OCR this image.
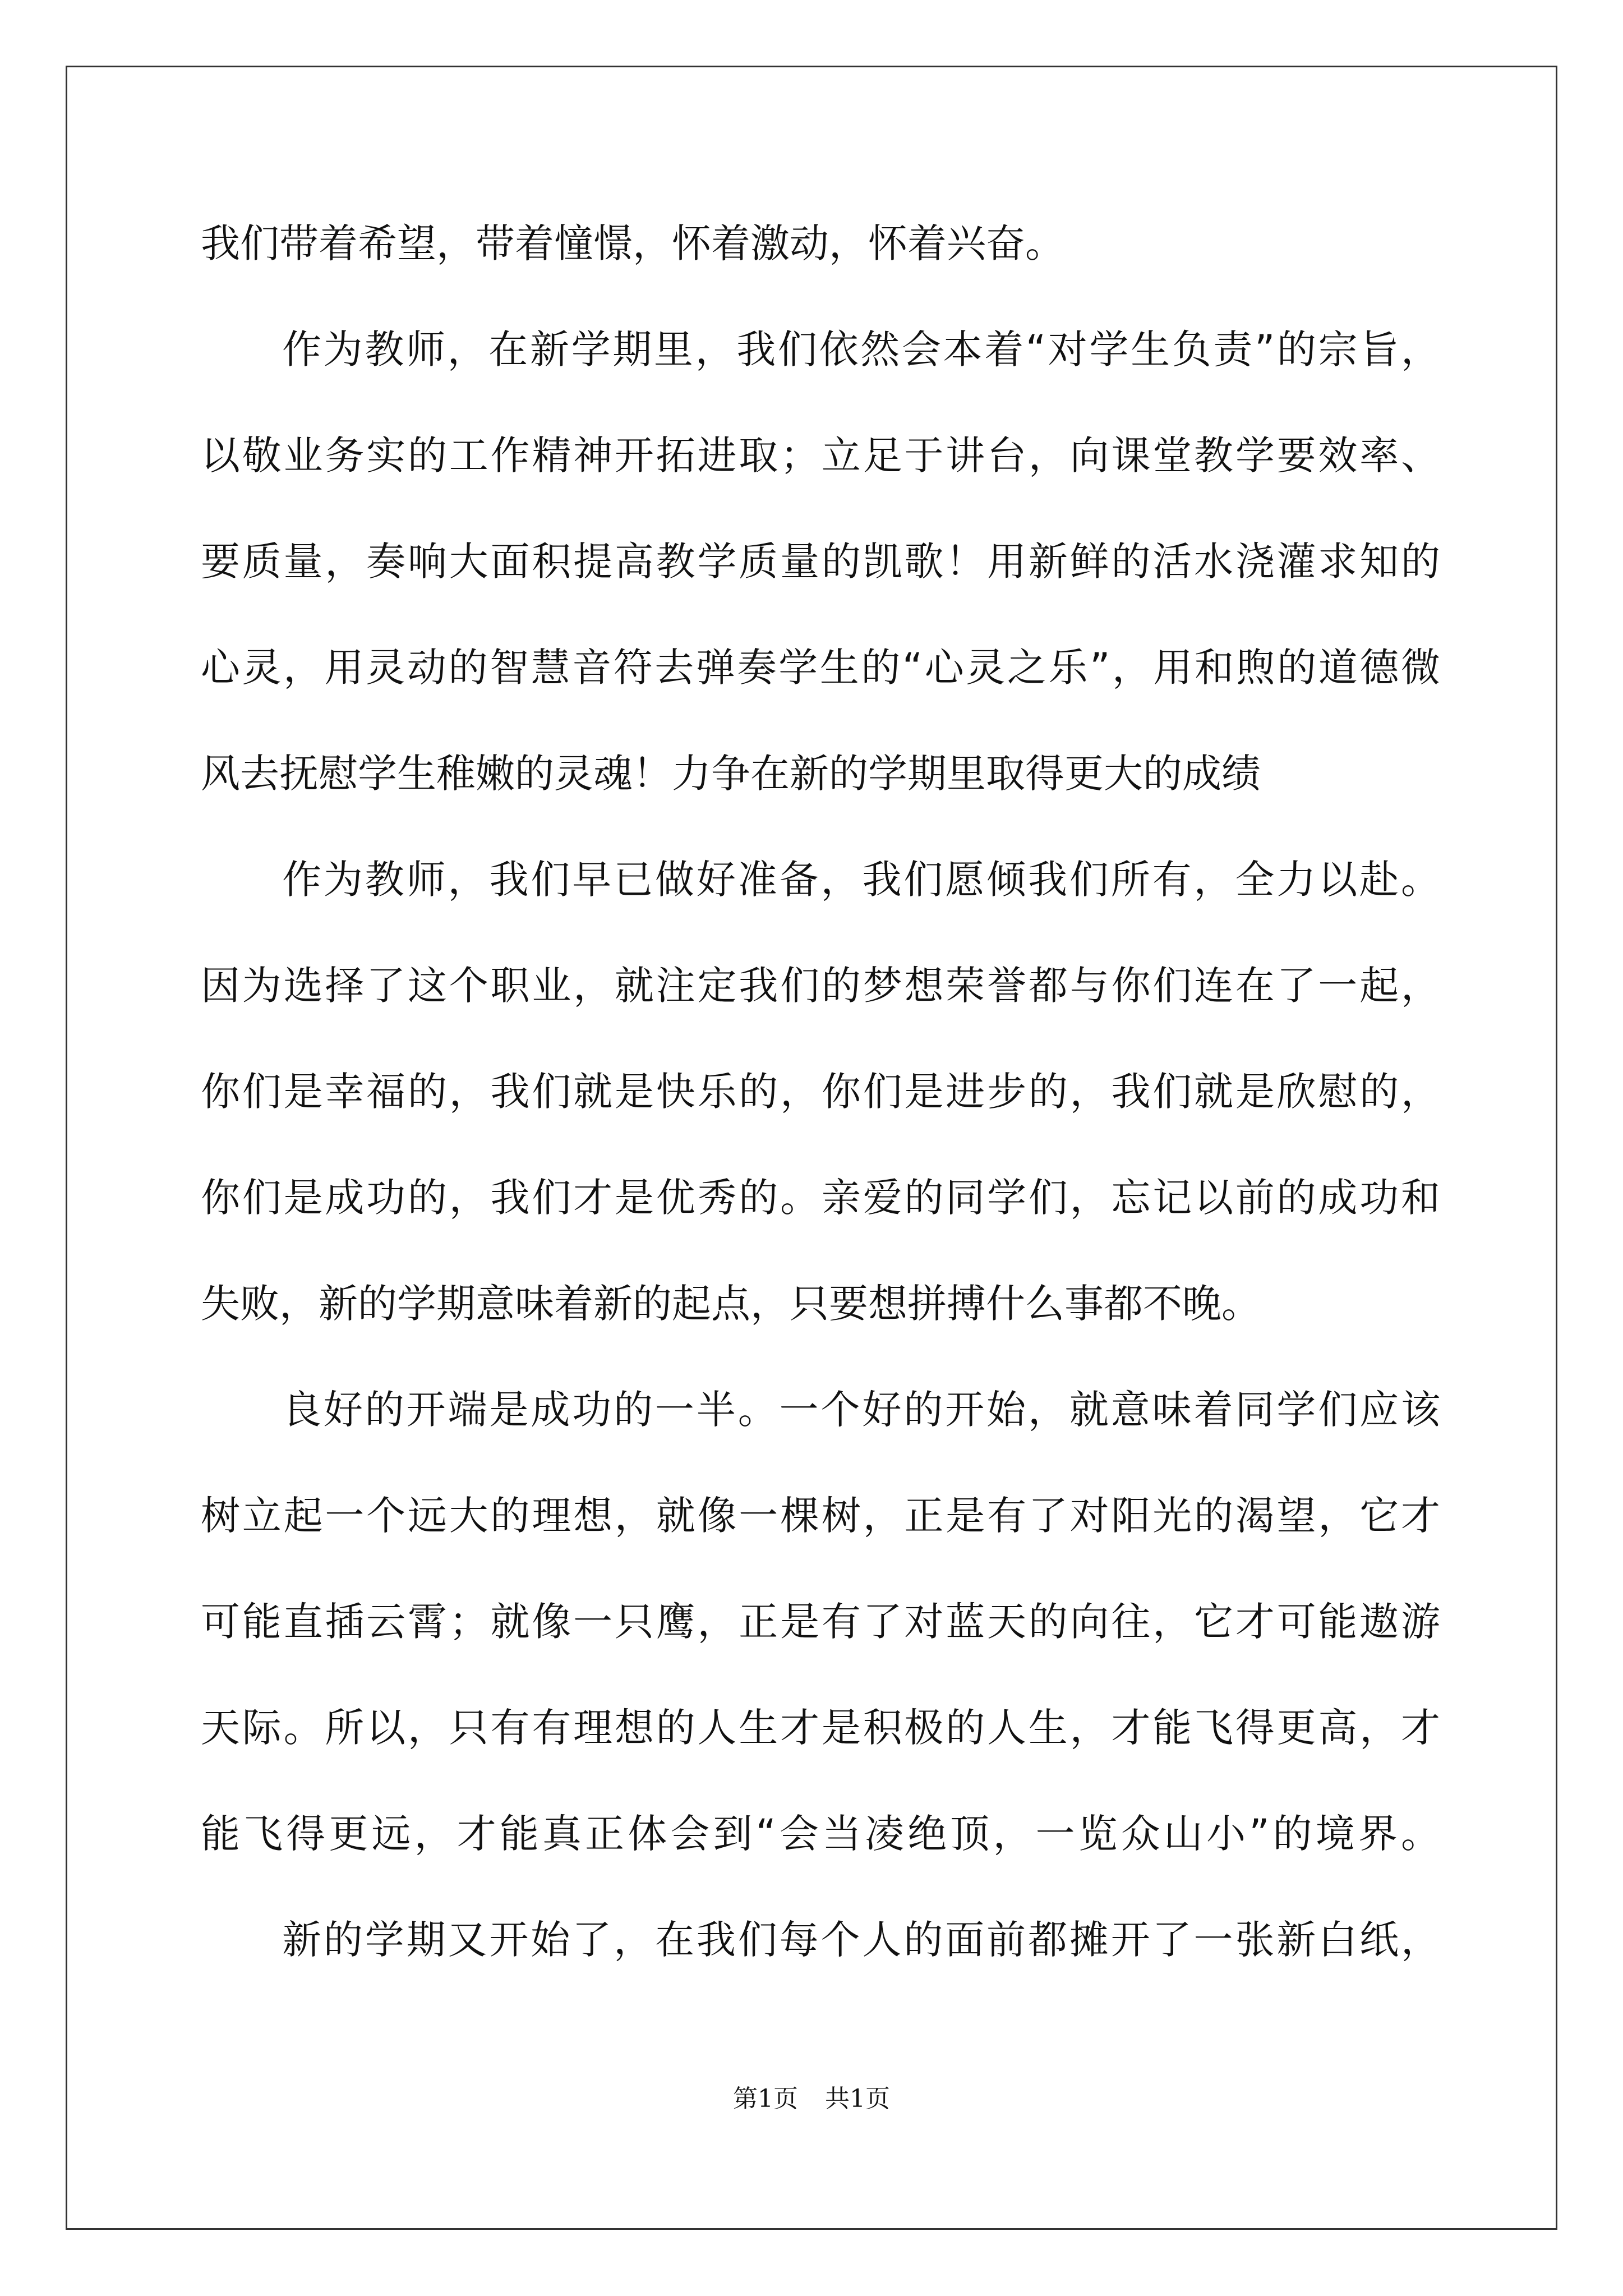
我们带着希望，带着憧憬，怀着激动，怀着兴奋。
作为教师，在新学期里，我们依然会本着“对学生负责”的宗旨，
以敬业务实的工作精神开拓进取；立足于讲台，向课堂教学要效率、
要质量，奏响大面积提高教学质量的凯歌！用新鲜的活水浇灌求知的
心灵，用灵动的智慧音符去弹奏学生的“心灵之乐”，用和煦的道德微
风去抚慰学生稚嫩的灵魂！力争在新的学期里取得更大的成绩
作为教师，我们早已做好准备，我们愿倾我们所有，全力以赴。
因为选择了这个职业，就注定我们的梦想荣誉都与你们连在了一起，
你们是幸福的，我们就是快乐的，你们是进步的，我们就是欣慰的，
你们是成功的，我们才是优秀的。亲爱的同学们，忘记以前的成功和
失败，新的学期意味着新的起点，只要想拼搏什么事都不晚。
良好的开端是成功的一半。一个好的开始，就意味着同学们应该
树立起一个远大的理想，就像一棵树，正是有了对阳光的渴望，它才
可能直插云霄；就像一只鹰，正是有了对蓝天的向往，它才可能遨游
天际。所以，只有有理想的人生才是积极的人生，才能飞得更高，才
能飞得更远，才能真正体会到“会当凌绝顶，一览众山小”的境界。
新的学期又开始了，在我们每个人的面前都摊开了一张新白纸，
第1页 共1页
